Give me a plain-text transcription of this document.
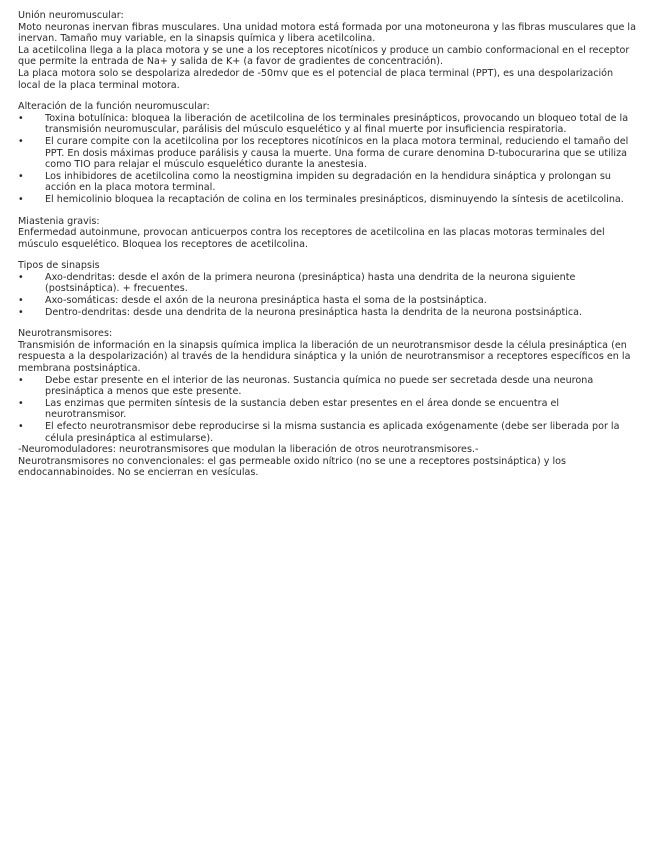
Unión neuromuscular:

Moto neuronas inervan fibras musculares. Una unidad motora está formada por una motoneurona y las fibras musculares que la inervan. Tamaño muy variable, en la sinapsis química y libera acetilcolina.

La acetilcolina llega a la placa motora y se une a los receptores nicotínicos y produce un cambio conformacional en el receptor que permite la entrada de Na+ y salida de K+ (a favor de gradientes de concentración).

La placa motora solo se despolariza alrededor de -50mv que es el potencial de placa terminal (PPT), es una despolarización local de la placa terminal motora.

Alteración de la función neuromuscular:
•	Toxina botulínica: bloquea la liberación de acetilcolina de los terminales presinápticos, provocando un bloqueo total de la transmisión neuromuscular, parálisis del músculo esquelético y al final muerte por insuficiencia respiratoria.
•	El curare compite con la acetilcolina por los receptores nicotínicos en la placa motora terminal, reduciendo el tamaño del PPT. En dosis máximas produce parálisis y causa la muerte. Una forma de curare denomina D-tubocurarina que se utiliza como TIO para relajar el músculo esquelético durante la anestesia.
•	Los inhibidores de acetilcolina como la neostigmina impiden su degradación en la hendidura sináptica y prolongan su acción en la placa motora terminal.
•	El hemicolinio bloquea la recaptación de colina en los terminales presinápticos, disminuyendo la síntesis de acetilcolina.
Miastenia gravis:

Enfermedad autoinmune, provocan anticuerpos contra los receptores de acetilcolina en las placas motoras terminales del músculo esquelético. Bloquea los receptores de acetilcolina.

Tipos de sinapsis
•	Axo-dendritas: desde el axón de la primera neurona (presináptica) hasta una dendrita de la neurona siguiente (postsináptica). + frecuentes.
•	Axo-somáticas: desde el axón de la neurona presináptica hasta el soma de la postsináptica.
•	Dentro-dendritas: desde una dendrita de la neurona presináptica hasta la dendrita de la neurona postsináptica.
Neurotransmisores:

Transmisión de información en la sinapsis química implica la liberación de un neurotransmisor desde la célula presináptica (en respuesta a la despolarización) al través de la hendidura sináptica y la unión de neurotransmisor a receptores específicos en la membrana postsináptica.

•	Debe estar presente en el interior de las neuronas. Sustancia química no puede ser secretada desde una neurona presináptica a menos que este presente.
•	Las enzimas que permiten síntesis de la sustancia deben estar presentes en el área donde se encuentra el neurotransmisor.
•	El efecto neurotransmisor debe reproducirse si la misma sustancia es aplicada exógenamente (debe ser liberada por la célula presináptica al estimularse).

-Neuromoduladores: neurotransmisores que modulan la liberación de otros neurotransmisores.-

Neurotransmisores no convencionales: el gas permeable oxido nítrico (no se une a receptores postsináptica) y los endocannabinoides. No se encierran en vesículas.
